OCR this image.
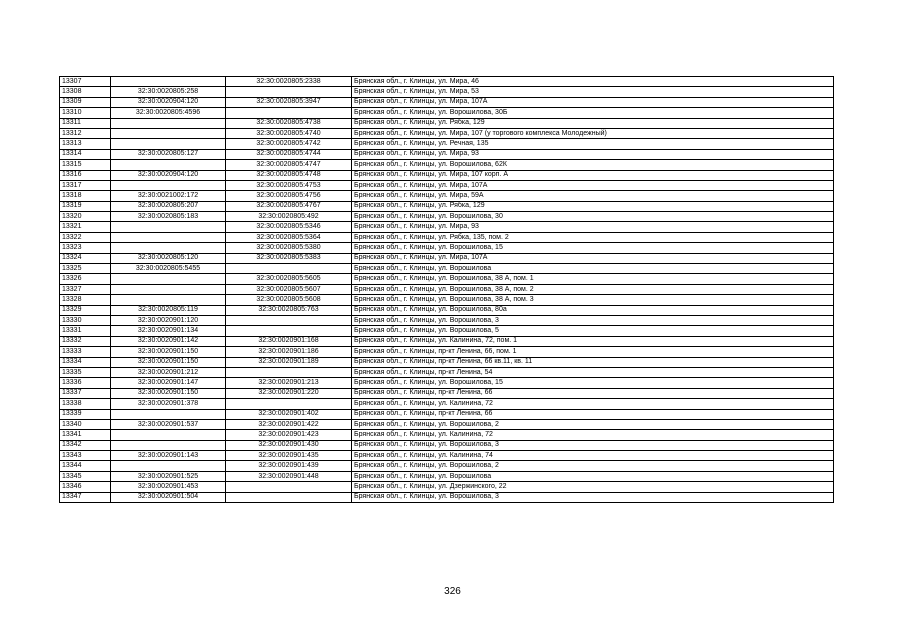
13307		32:30:0020805:2338	Брянская обл., г. Клинцы, ул. Мира, 46
13308	32:30:0020805:258		Брянская обл., г. Клинцы, ул. Мира, 53
13309	32:30:0020904:120	32:30:0020805:3947	Брянская обл., г. Клинцы, ул. Мира, 107А
13310	32:30:0020805:4596		Брянская обл., г. Клинцы, ул. Ворошилова, 30Б
13311		32:30:0020805:4738	Брянская обл., г. Клинцы, ул. Рябка, 129
13312		32:30:0020805:4740	Брянская обл., г. Клинцы, ул. Мира, 107 (у торгового комплекса Молодежный)
13313		32:30:0020805:4742	Брянская обл., г. Клинцы, ул. Речная, 135
13314	32:30:0020805:127	32:30:0020805:4744	Брянская обл., г. Клинцы, ул. Мира, 93
13315		32:30:0020805:4747	Брянская обл., г. Клинцы, ул. Ворошилова, 62К
13316	32:30:0020904:120	32:30:0020805:4748	Брянская обл., г. Клинцы, ул. Мира, 107 корп. А
13317		32:30:0020805:4753	Брянская обл., г. Клинцы, ул. Мира, 107А
13318	32:30:0021002:172	32:30:0020805:4756	Брянская обл., г. Клинцы, ул. Мира, 59А
13319	32:30:0020805:207	32:30:0020805:4767	Брянская обл., г. Клинцы, ул. Рябка, 129
13320	32:30:0020805:183	32:30:0020805:492	Брянская обл., г. Клинцы, ул. Ворошилова, 30
13321		32:30:0020805:5346	Брянская обл., г. Клинцы, ул. Мира, 93
13322		32:30:0020805:5364	Брянская обл., г. Клинцы, ул. Рябка, 135, пом. 2
13323		32:30:0020805:5380	Брянская обл., г. Клинцы, ул. Ворошилова, 15
13324	32:30:0020805:120	32:30:0020805:5383	Брянская обл., г. Клинцы, ул. Мира, 107А
13325	32:30:0020805:5455		Брянская обл., г. Клинцы, ул. Ворошилова
13326		32:30:0020805:5605	Брянская обл., г. Клинцы, ул. Ворошилова, 38 А, пом. 1
13327		32:30:0020805:5607	Брянская обл., г. Клинцы, ул. Ворошилова, 38 А, пом. 2
13328		32:30:0020805:5608	Брянская обл., г. Клинцы, ул. Ворошилова, 38 А, пом. 3
13329	32:30:0020805:119	32:30:0020805:763	Брянская обл., г. Клинцы, ул. Ворошилова, 80а
13330	32:30:0020901:120		Брянская обл., г. Клинцы, ул. Ворошилова, 3
13331	32:30:0020901:134		Брянская обл., г. Клинцы, ул. Ворошилова, 5
13332	32:30:0020901:142	32:30:0020901:168	Брянская обл., г. Клинцы, ул. Калинина, 72, пом. 1
13333	32:30:0020901:150	32:30:0020901:186	Брянская обл., г. Клинцы, пр-кт Ленина, 66, пом. 1
13334	32:30:0020901:150	32:30:0020901:189	Брянская обл., г. Клинцы, пр-кт Ленина, 66 кв.11, кв. 11
13335	32:30:0020901:212		Брянская обл., г. Клинцы, пр-кт Ленина, 54
13336	32:30:0020901:147	32:30:0020901:213	Брянская обл., г. Клинцы, ул. Ворошилова, 15
13337	32:30:0020901:150	32:30:0020901:220	Брянская обл., г. Клинцы, пр-кт Ленина, 66
13338	32:30:0020901:378		Брянская обл., г. Клинцы, ул. Калинина, 72
13339		32:30:0020901:402	Брянская обл., г. Клинцы, пр-кт Ленина, 66
13340	32:30:0020901:537	32:30:0020901:422	Брянская обл., г. Клинцы, ул. Ворошилова, 2
13341		32:30:0020901:423	Брянская обл., г. Клинцы, ул. Калинина, 72
13342		32:30:0020901:430	Брянская обл., г. Клинцы, ул. Ворошилова, 3
13343	32:30:0020901:143	32:30:0020901:435	Брянская обл., г. Клинцы, ул. Калинина, 74
13344		32:30:0020901:439	Брянская обл., г. Клинцы, ул. Ворошилова, 2
13345	32:30:0020901:525	32:30:0020901:448	Брянская обл., г. Клинцы, ул. Ворошилова
13346	32:30:0020901:453		Брянская обл., г. Клинцы, ул. Дзержинского, 22
13347	32:30:0020901:504		Брянская обл., г. Клинцы, ул. Ворошилова, 3
326
